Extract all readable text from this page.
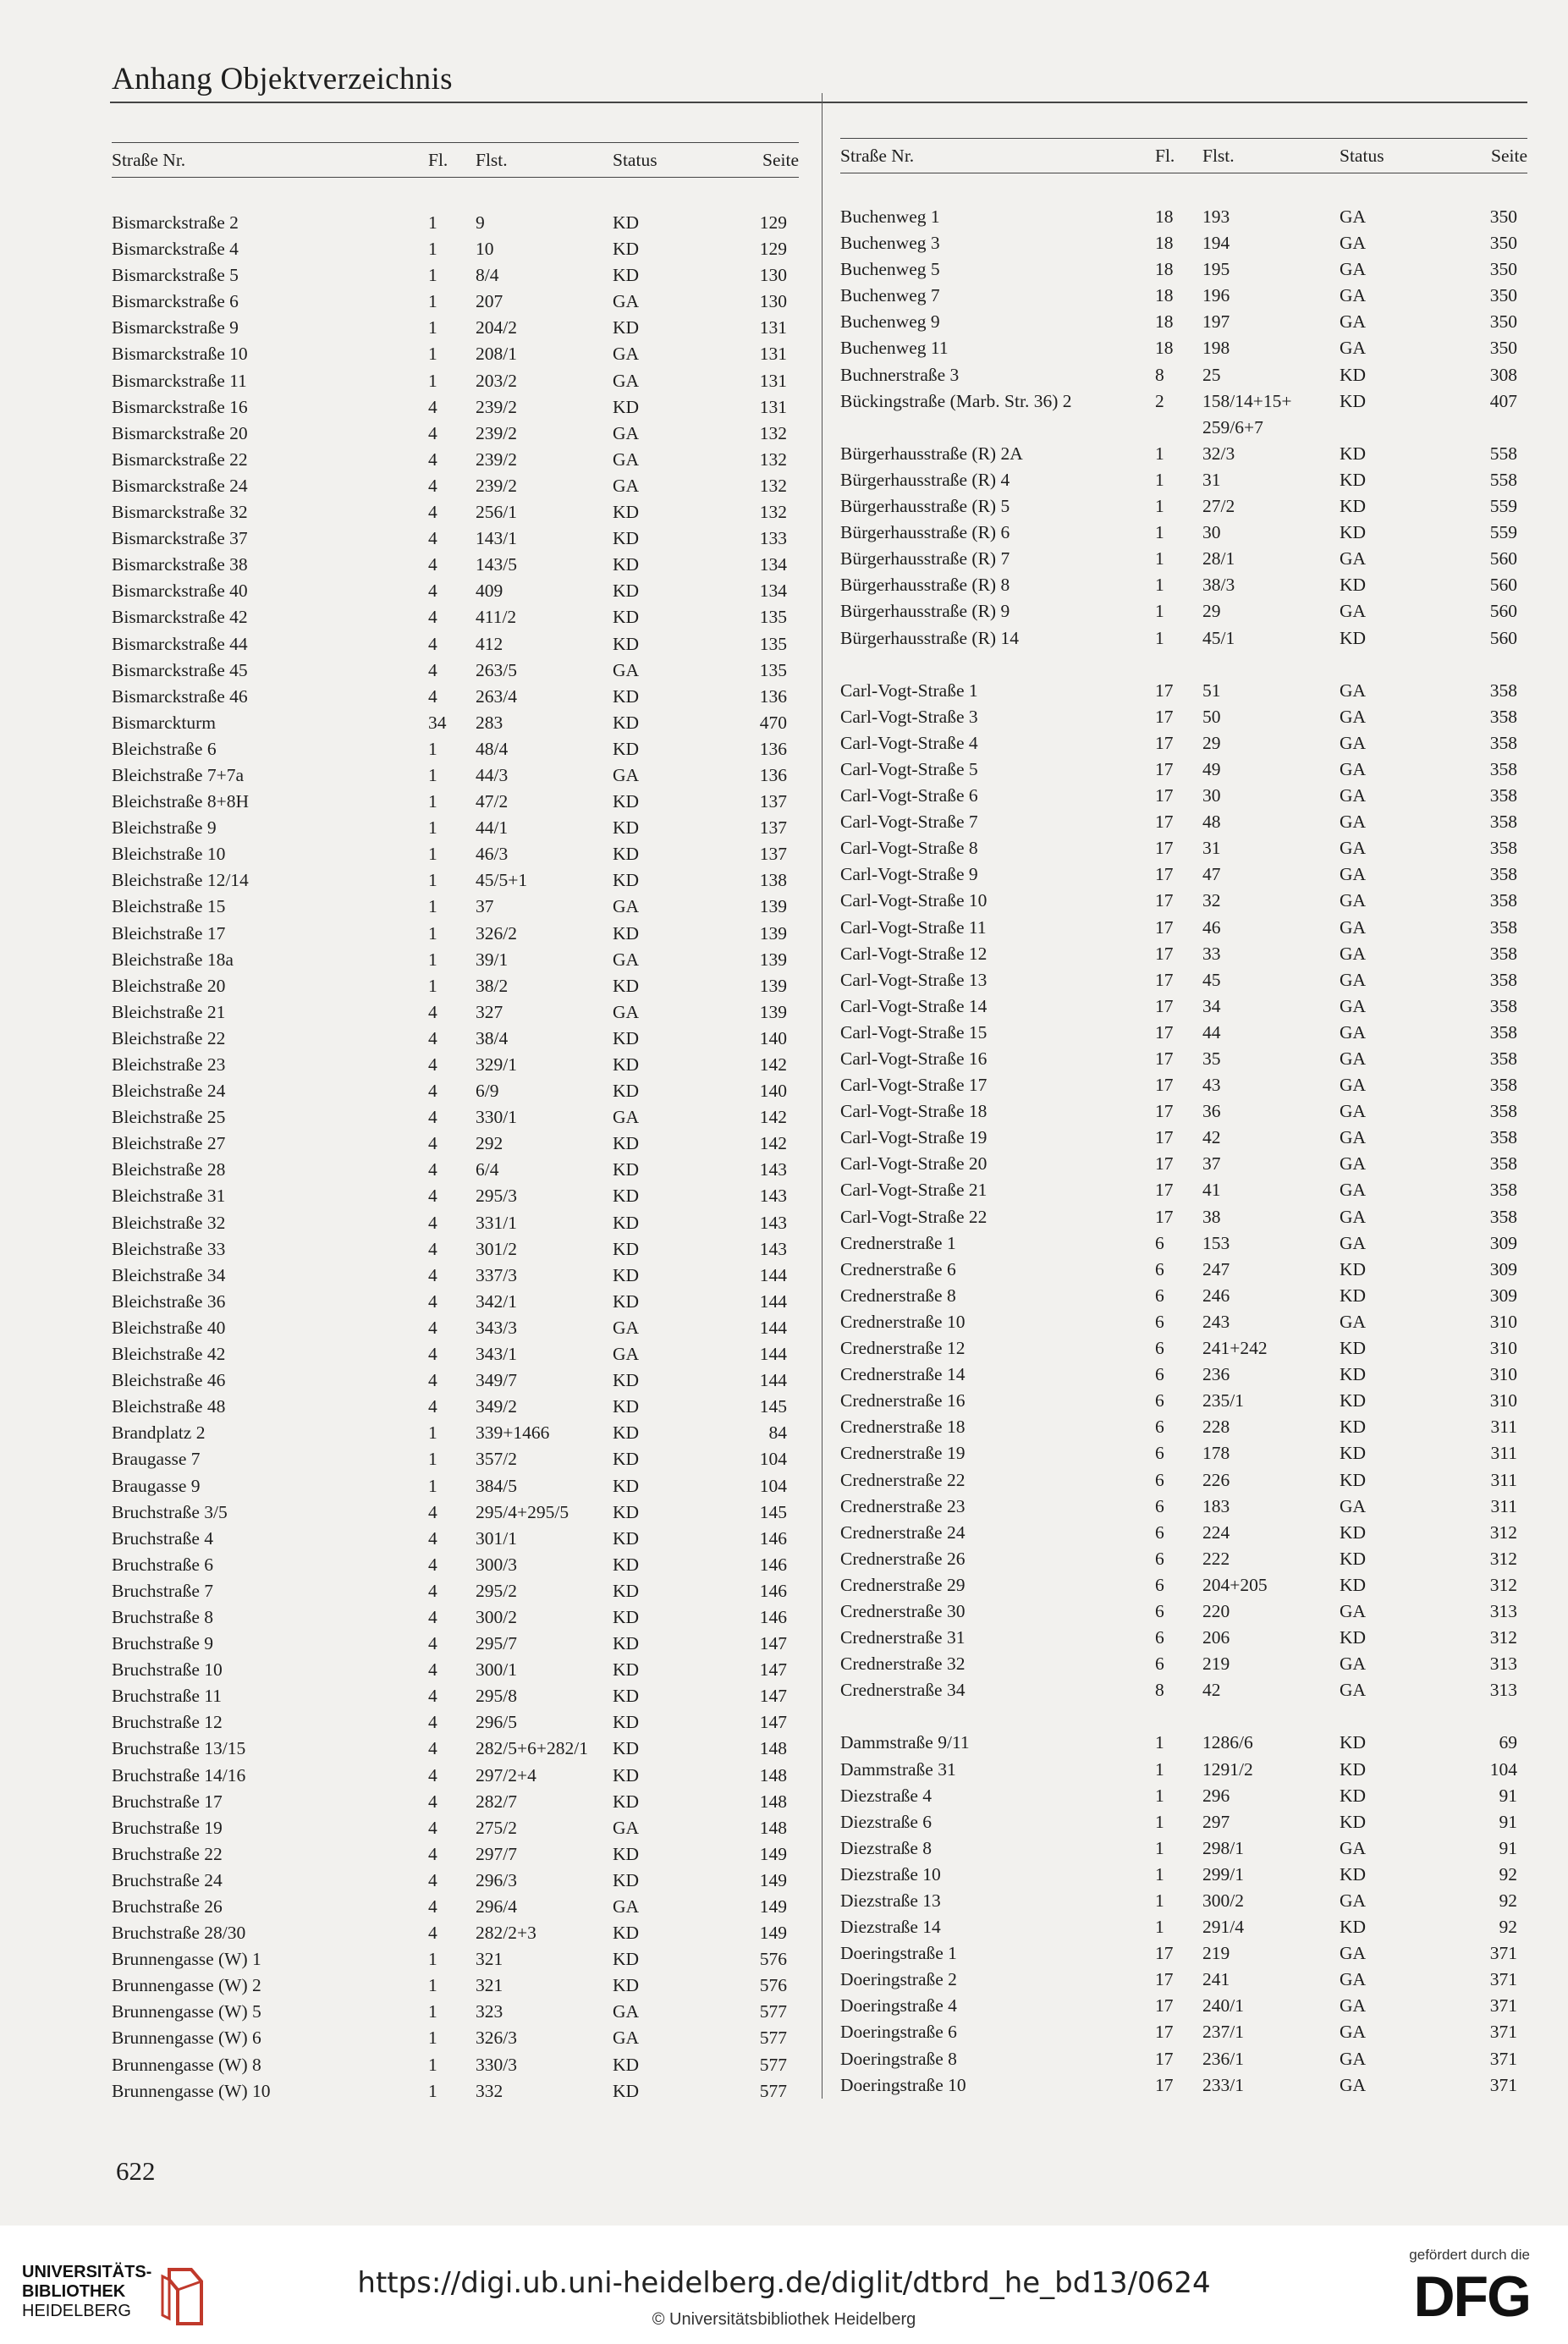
Anhang Objektverzeichnis
Straße Nr.	Fl. Flst.	Status	Seite Straße Nr.	Fl. Flst.	Status	Seite
Bismarckstraße 2	1 9	KD	129
Bismarckstraße 4	1 10	KD	129
Bismarckstraße 5	1 8/4	KD	130
Bismarckstraße 6	1 207	GA	130
Bismarckstraße 9	1 204/2	KD	131
Bismarckstraße 10	1 208/1	GA	131
Bismarckstraße 11	1 203/2	GA	131
Bismarckstraße 16	4 239/2	KD	131
Bismarckstraße 20	4 239/2	GA	132
Bismarckstraße 22	4 239/2	GA	132
Bismarckstraße 24	4 239/2	GA	132
Bismarckstraße 32	4 256/1	KD	132
Bismarckstraße 37	4 143/1	KD	133
Bismarckstraße 38	4 143/5	KD	134
Bismarckstraße 40	4 409	KD	134
Bismarckstraße 42	4 411/2	KD	135
Bismarckstraße 44	4 412	KD	135
Bismarckstraße 45	4 263/5	GA	135
Bismarckstraße 46	4 263/4	KD	136
Bismarckturm	34 283	KD	470
Bleichstraße 6	1 48/4	KD	136
Bleichstraße 7+7a	1 44/3	GA	136
Bleichstraße 8+8H	1 47/2	KD	137
Bleichstraße 9	1 44/1	KD	137
Bleichstraße 10	1 46/3	KD	137
Bleichstraße 12/14	1 45/5+1	KD	138
Bleichstraße 15	1 37	GA	139
Bleichstraße 17	1 326/2	KD	139
Bleichstraße 18a	1 39/1	GA	139
Bleichstraße 20	1 38/2	KD	139
Bleichstraße 21	4 327	GA	139
Bleichstraße 22	4 38/4	KD	140
Bleichstraße 23	4 329/1	KD	142
Bleichstraße 24	4 6/9	KD	140
Bleichstraße 25	4 330/1	GA	142
Bleichstraße 27	4 292	KD	142
Bleichstraße 28	4 6/4	KD	143
Bleichstraße 31	4 295/3	KD	143
Bleichstraße 32	4 331/1	KD	143
Bleichstraße 33	4 301/2	KD	143
Bleichstraße 34	4 337/3	KD	144
Bleichstraße 36	4 342/1	KD	144
Bleichstraße 40	4 343/3	GA	144
Bleichstraße 42	4 343/1	GA	144
Bleichstraße 46	4 349/7	KD	144
Bleichstraße 48	4 349/2	KD	145
Brandplatz 2	1 339+1466	KD	84
Braugasse 7	1 357/2	KD	104
Braugasse 9	1 384/5	KD	104
Bruchstraße 3/5	4 295/4+295/5 KD	145
Bruchstraße 4	4 301/1	KD	146
Bruchstraße 6	4 300/3	KD	146
Bruchstraße 7	4 295/2	KD	146
Bruchstraße 8	4 300/2	KD	146
Bruchstraße 9	4 295/7	KD	147
Bruchstraße 10	4 300/1	KD	147
Bruchstraße 11	4 295/8	KD	147
Bruchstraße 12	4 296/5	KD	147
Bruchstraße 13/15	4 282/5+6+282/1 KD	148
Bruchstraße 14/16	4 297/2+4	KD	148
Bruchstraße 17	4 282/7	KD	148
Bruchstraße 19	4 275/2	GA	148
Bruchstraße 22	4 297/7	KD	149
Bruchstraße 24	4 296/3	KD	149
Bruchstraße 26	4 296/4	GA	149
Bruchstraße 28/30	4 282/2+3	KD	149
Brunnengasse (W) 1	1 321	KD	576
Brunnengasse (W) 2	1 321	KD	576
Brunnengasse (W) 5	1 323	GA	577
Brunnengasse (W) 6	1 326/3	GA	577
Brunnengasse (W) 8	1 330/3	KD	577
Brunnengasse (W) 10	1 332	KD	577
Buchenweg 1	18 193	GA	350
Buchenweg 3	18 194	GA	350
Buchenweg 5	18 195	GA	350
Buchenweg 7	18 196	GA	350
Buchenweg 9	18 197	GA	350
Buchenweg 11	18 198	GA	350
Buchnerstraße 3	8 25	KD	308
Bückingstraße (Marb. Str. 36) 2	2 158/14+15+	KD	407
259/6+7
Bürgerhausstraße (R) 2A	1 32/3	KD	558
Bürgerhausstraße (R) 4	1 31	KD	558
Bürgerhausstraße (R) 5	1 27/2	KD	559
Bürgerhausstraße (R) 6	1 30	KD	559
Bürgerhausstraße (R) 7	1 28/1	GA	560
Bürgerhausstraße (R) 8	1 38/3	KD	560
Bürgerhausstraße (R) 9	1 29	GA	560
Bürgerhausstraße (R) 14	1 45/1	KD	560
Carl-Vogt-Straße 1	17 51	GA	358
Carl-Vogt-Straße 3	17 50	GA	358
Carl-Vogt-Straße 4	17 29	GA	358
Carl-Vogt-Straße 5	17 49	GA	358
Carl-Vogt-Straße 6	17 30	GA	358
Carl-Vogt-Straße 7	17 48	GA	358
Carl-Vogt-Straße 8	17 31	GA	358
Carl-Vogt-Straße 9	17 47	GA	358
Carl-Vogt-Straße 10	17 32	GA	358
Carl-Vogt-Straße 11	17 46	GA	358
Carl-Vogt-Straße 12	17 33	GA	358
Carl-Vogt-Straße 13	17 45	GA	358
Carl-Vogt-Straße 14	17 34	GA	358
Carl-Vogt-Straße 15	17 44	GA	358
Carl-Vogt-Straße 16	17 35	GA	358
Carl-Vogt-Straße 17	17 43	GA	358
Carl-Vogt-Straße 18	17 36	GA	358
Carl-Vogt-Straße 19	17 42	GA	358
Carl-Vogt-Straße 20	17 37	GA	358
Carl-Vogt-Straße 21	17 41	GA	358
Carl-Vogt-Straße 22	17 38	GA	358
Crednerstraße 1	6 153	GA	309
Crednerstraße 6	6 247	KD	309
Crednerstraße 8	6 246	KD	309
Crednerstraße 10	6 243	GA	310
Crednerstraße 12	6 241+242	KD	310
Crednerstraße 14	6 236	KD	310
Crednerstraße 16	6 235/1	KD	310
Crednerstraße 18	6 228	KD	311
Crednerstraße 19	6 178	KD	311
Crednerstraße 22	6 226	KD	311
Crednerstraße 23	6 183	GA	311
Crednerstraße 24	6 224	KD	312
Crednerstraße 26	6 222	KD	312
Crednerstraße 29	6 204+205	KD	312
Crednerstraße 30	6 220	GA	313
Crednerstraße 31	6 206	KD	312
Crednerstraße 32	6 219	GA	313
Crednerstraße 34	8 42	GA	313
Dammstraße 9/11	1 1286/6	KD	69
Dammstraße 31	1 1291/2	KD	104
Diezstraße 4	1 296	KD	91
Diezstraße 6	1 297	KD	91
Diezstraße 8	1 298/1	GA	91
Diezstraße 10	1 299/1	KD	92
Diezstraße 13	1 300/2	GA	92
Diezstraße 14	1 291/4	KD	92
Doeringstraße 1	17 219	GA	371
Doeringstraße 2	17 241	GA	371
Doeringstraße 4	17 240/1	GA	371
Doeringstraße 6	17 237/1	GA	371
Doeringstraße 8	17 236/1	GA	371
Doeringstraße 10	17 233/1	GA	371
622
UNIVERSITÄTS-
BIBLIOTHEK
HEIDELBERG
https://digi.ub.uni-heidelberg.de/diglit/dtbrd_he_bd13/0624
© Universitätsbibliothek Heidelberg
gefördert durch die
DFG
